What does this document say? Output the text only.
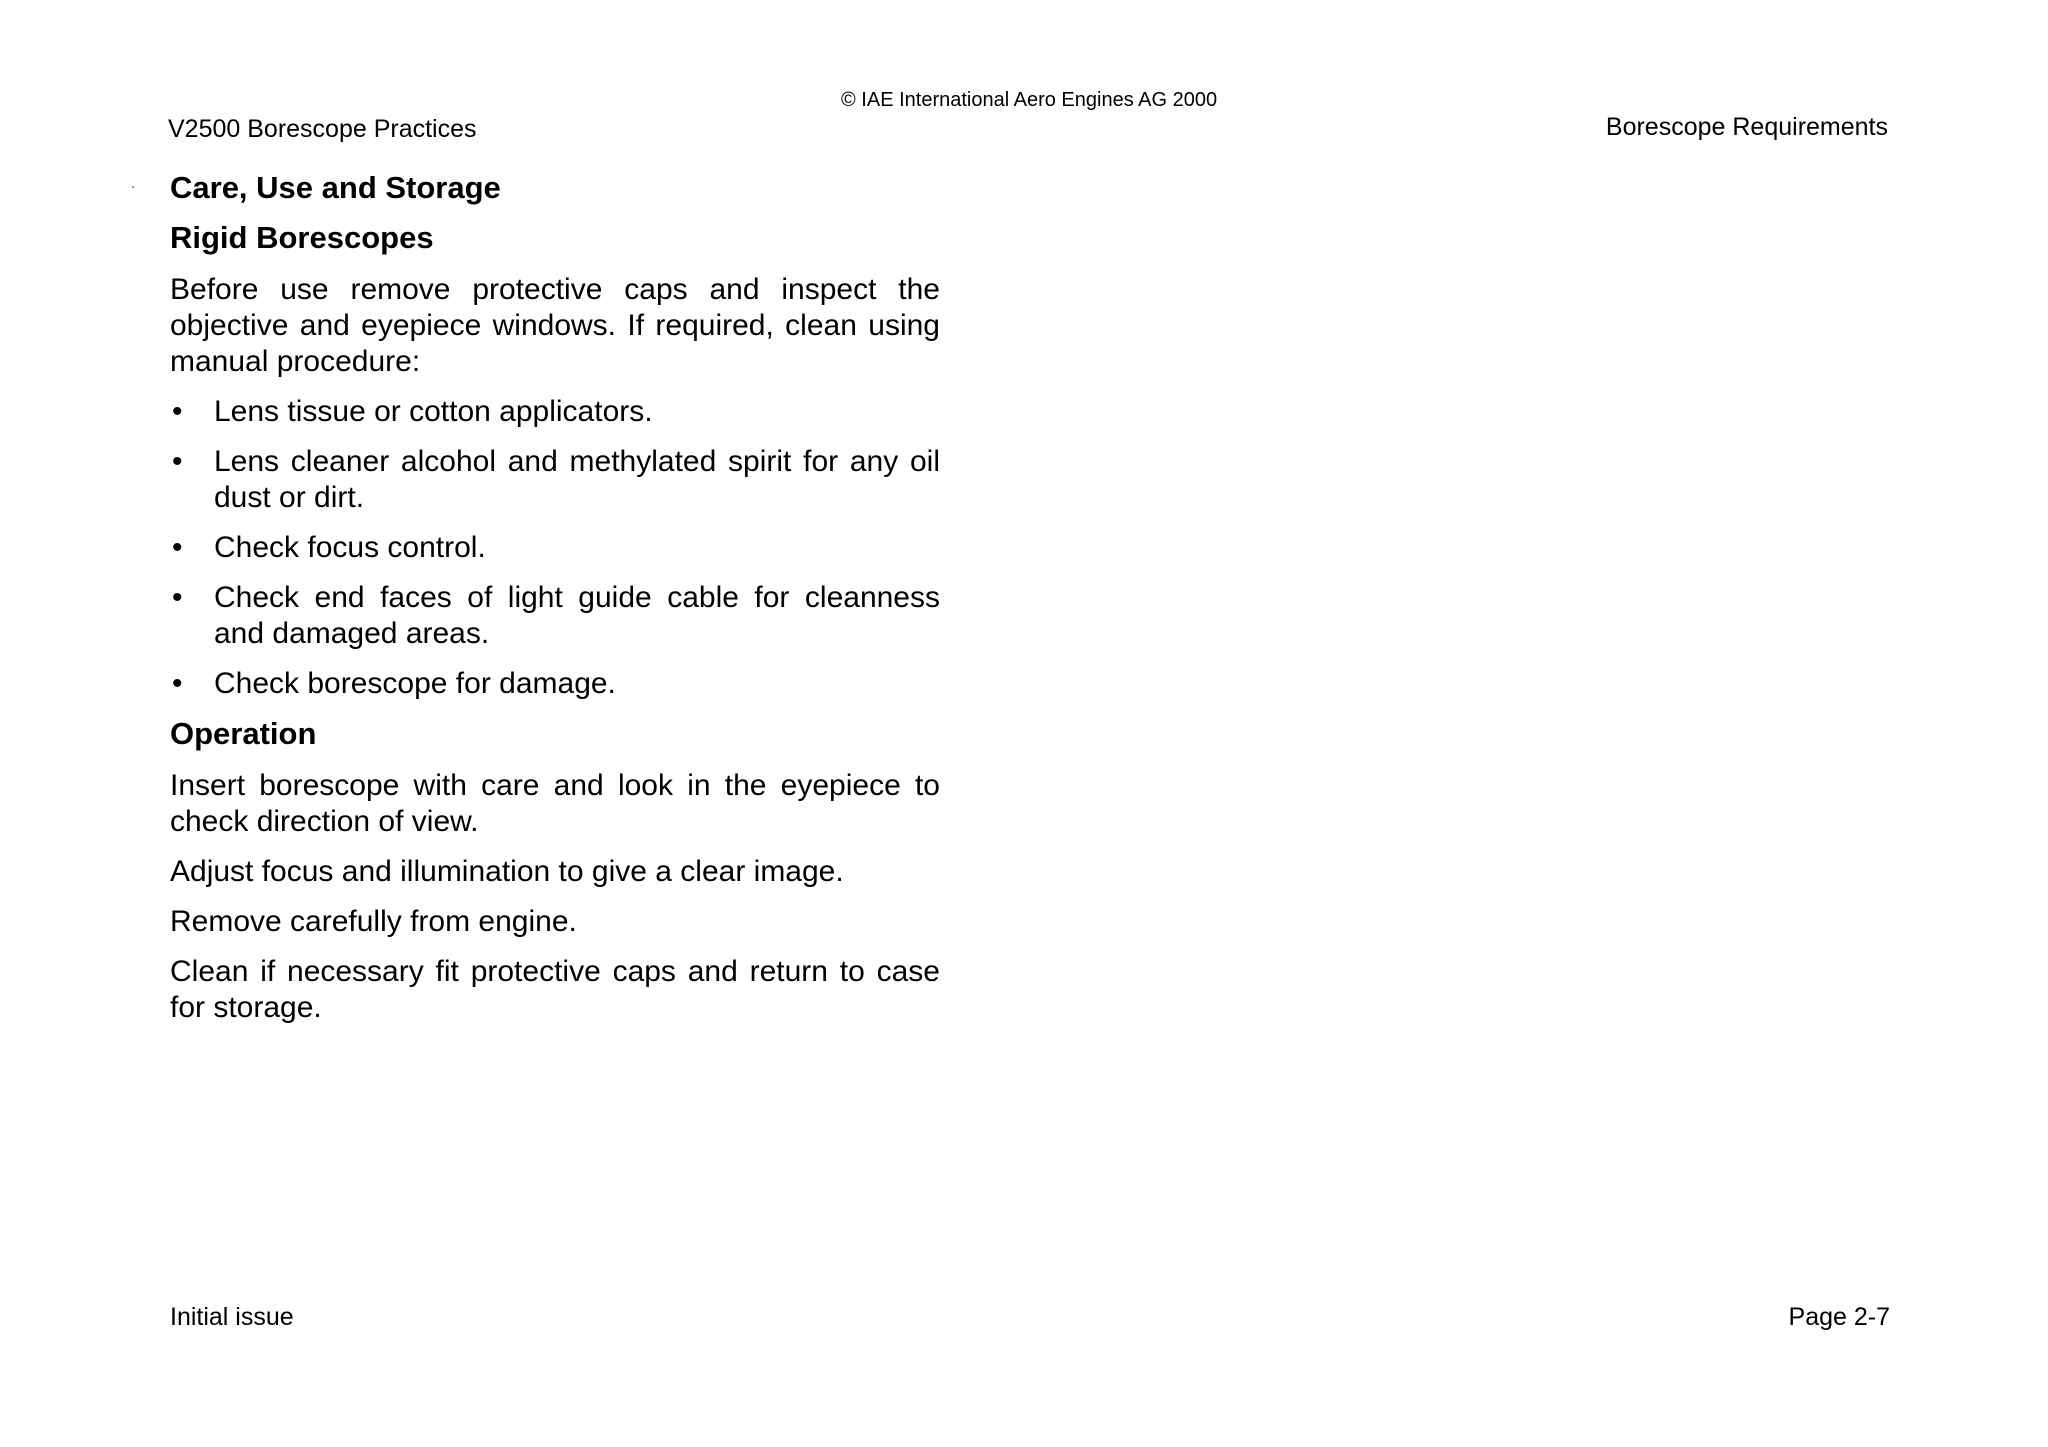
© IAE International Aero Engines AG 2000
V2500 Borescope Practices	Borescope Requirements
Care, Use and Storage
Rigid Borescopes

Before use remove protective caps and inspect the objective and eyepiece windows. If required, clean using manual procedure:

•	Lens tissue or cotton applicators.
•	Lens cleaner alcohol and methylated spirit for any oil dust or dirt.
•	Check focus control.
•	Check end faces of light guide cable for cleanness and damaged areas.
•	Check borescope for damage.
Operation

Insert borescope with care and look in the eyepiece to check direction of view.

Adjust focus and illumination to give a clear image.

Remove carefully from engine.

Clean if necessary fit protective caps and return to case for storage.

Initial issue	Page 2-7
